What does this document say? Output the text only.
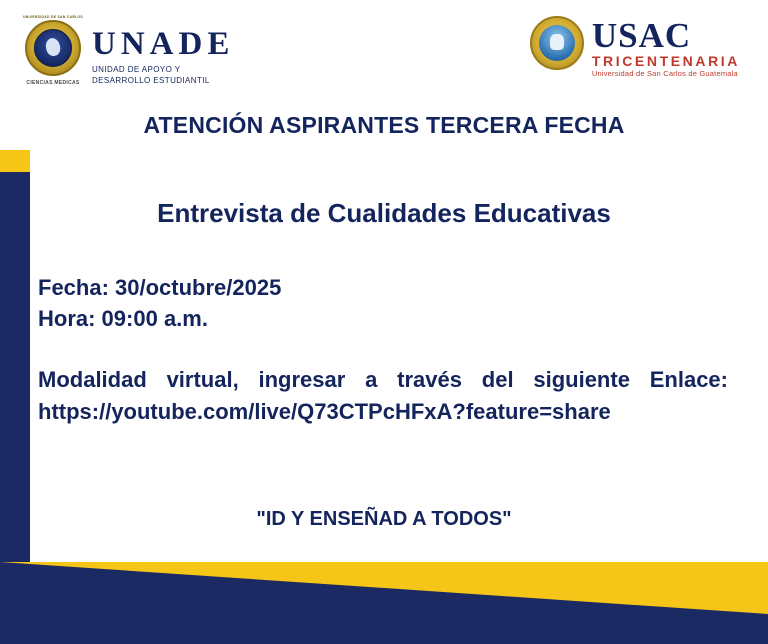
UNIVERSIDAD DE SAN CARLOS
CIENCIAS MEDICAS
UNADE
UNIDAD DE APOYO Y
DESARROLLO ESTUDIANTIL
USAC
TRICENTENARIA
Universidad de San Carlos de Guatemala
ATENCIÓN ASPIRANTES TERCERA FECHA
Entrevista de Cualidades Educativas
Fecha: 30/octubre/2025
Hora: 09:00 a.m.
Modalidad virtual, ingresar a través del siguiente Enlace: https://youtube.com/live/Q73CTPcHFxA?feature=share
"ID Y ENSEÑAD A TODOS"
